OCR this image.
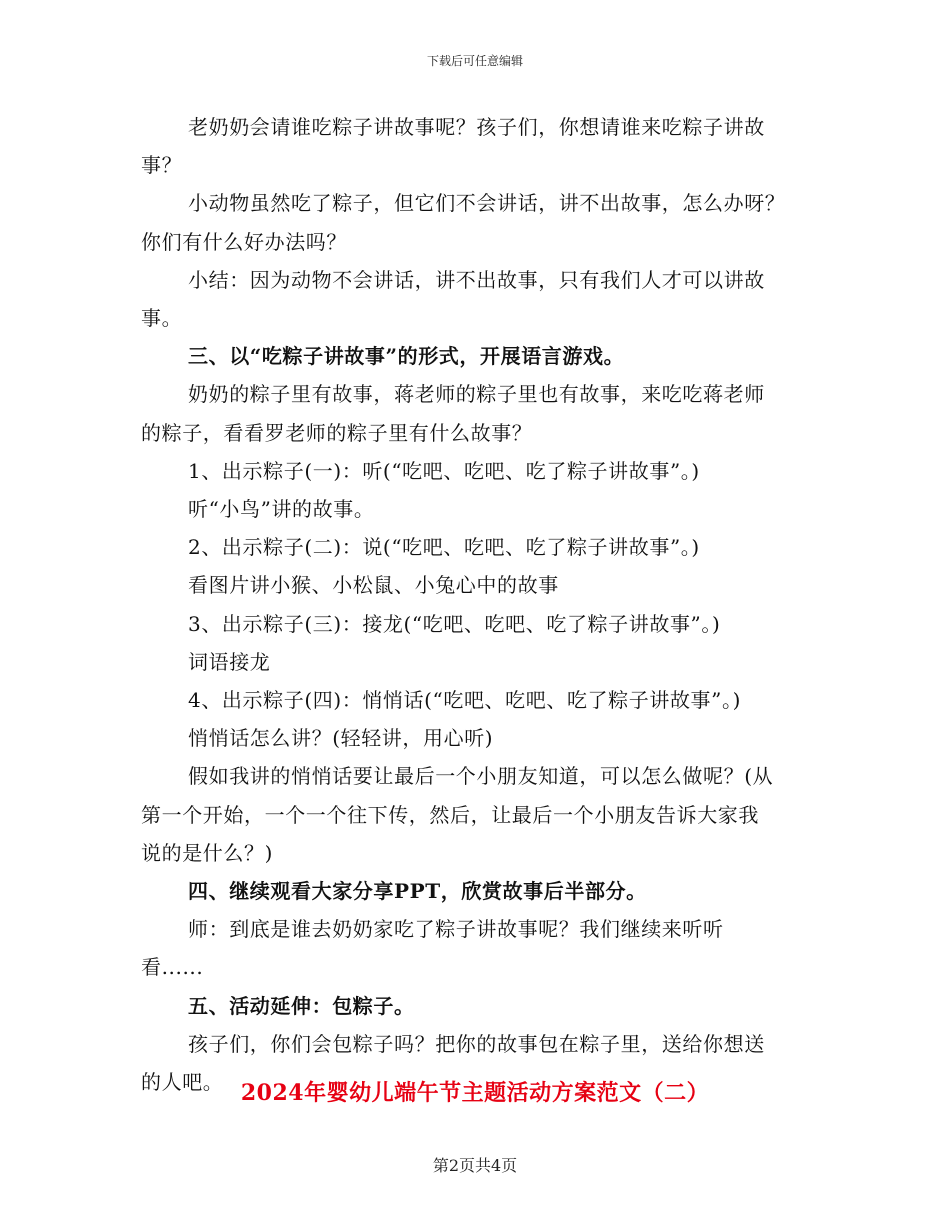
下载后可任意编辑
老奶奶会请谁吃粽子讲故事呢？孩子们，你想请谁来吃粽子讲故
事？
小动物虽然吃了粽子，但它们不会讲话，讲不出故事，怎么办呀？
你们有什么好办法吗？
小结：因为动物不会讲话，讲不出故事，只有我们人才可以讲故
事。
三、以“吃粽子讲故事”的形式，开展语言游戏。
奶奶的粽子里有故事，蒋老师的粽子里也有故事，来吃吃蒋老师
的粽子，看看罗老师的粽子里有什么故事？
1、出示粽子(一)：听(“吃吧、吃吧、吃了粽子讲故事”。)
听“小鸟”讲的故事。
2、出示粽子(二)：说(“吃吧、吃吧、吃了粽子讲故事”。)
看图片讲小猴、小松鼠、小兔心中的故事
3、出示粽子(三)：接龙(“吃吧、吃吧、吃了粽子讲故事”。)
词语接龙
4、出示粽子(四)：悄悄话(“吃吧、吃吧、吃了粽子讲故事”。)
悄悄话怎么讲？(轻轻讲，用心听)
假如我讲的悄悄话要让最后一个小朋友知道，可以怎么做呢？(从
第一个开始，一个一个往下传，然后，让最后一个小朋友告诉大家我
说的是什么？)
四、继续观看大家分享PPT，欣赏故事后半部分。
师：到底是谁去奶奶家吃了粽子讲故事呢？我们继续来听听
看......
五、活动延伸：包粽子。
孩子们，你们会包粽子吗？把你的故事包在粽子里，送给你想送
的人吧。 2024年婴幼儿端午节主题活动方案范文（二）
第2页共4页
